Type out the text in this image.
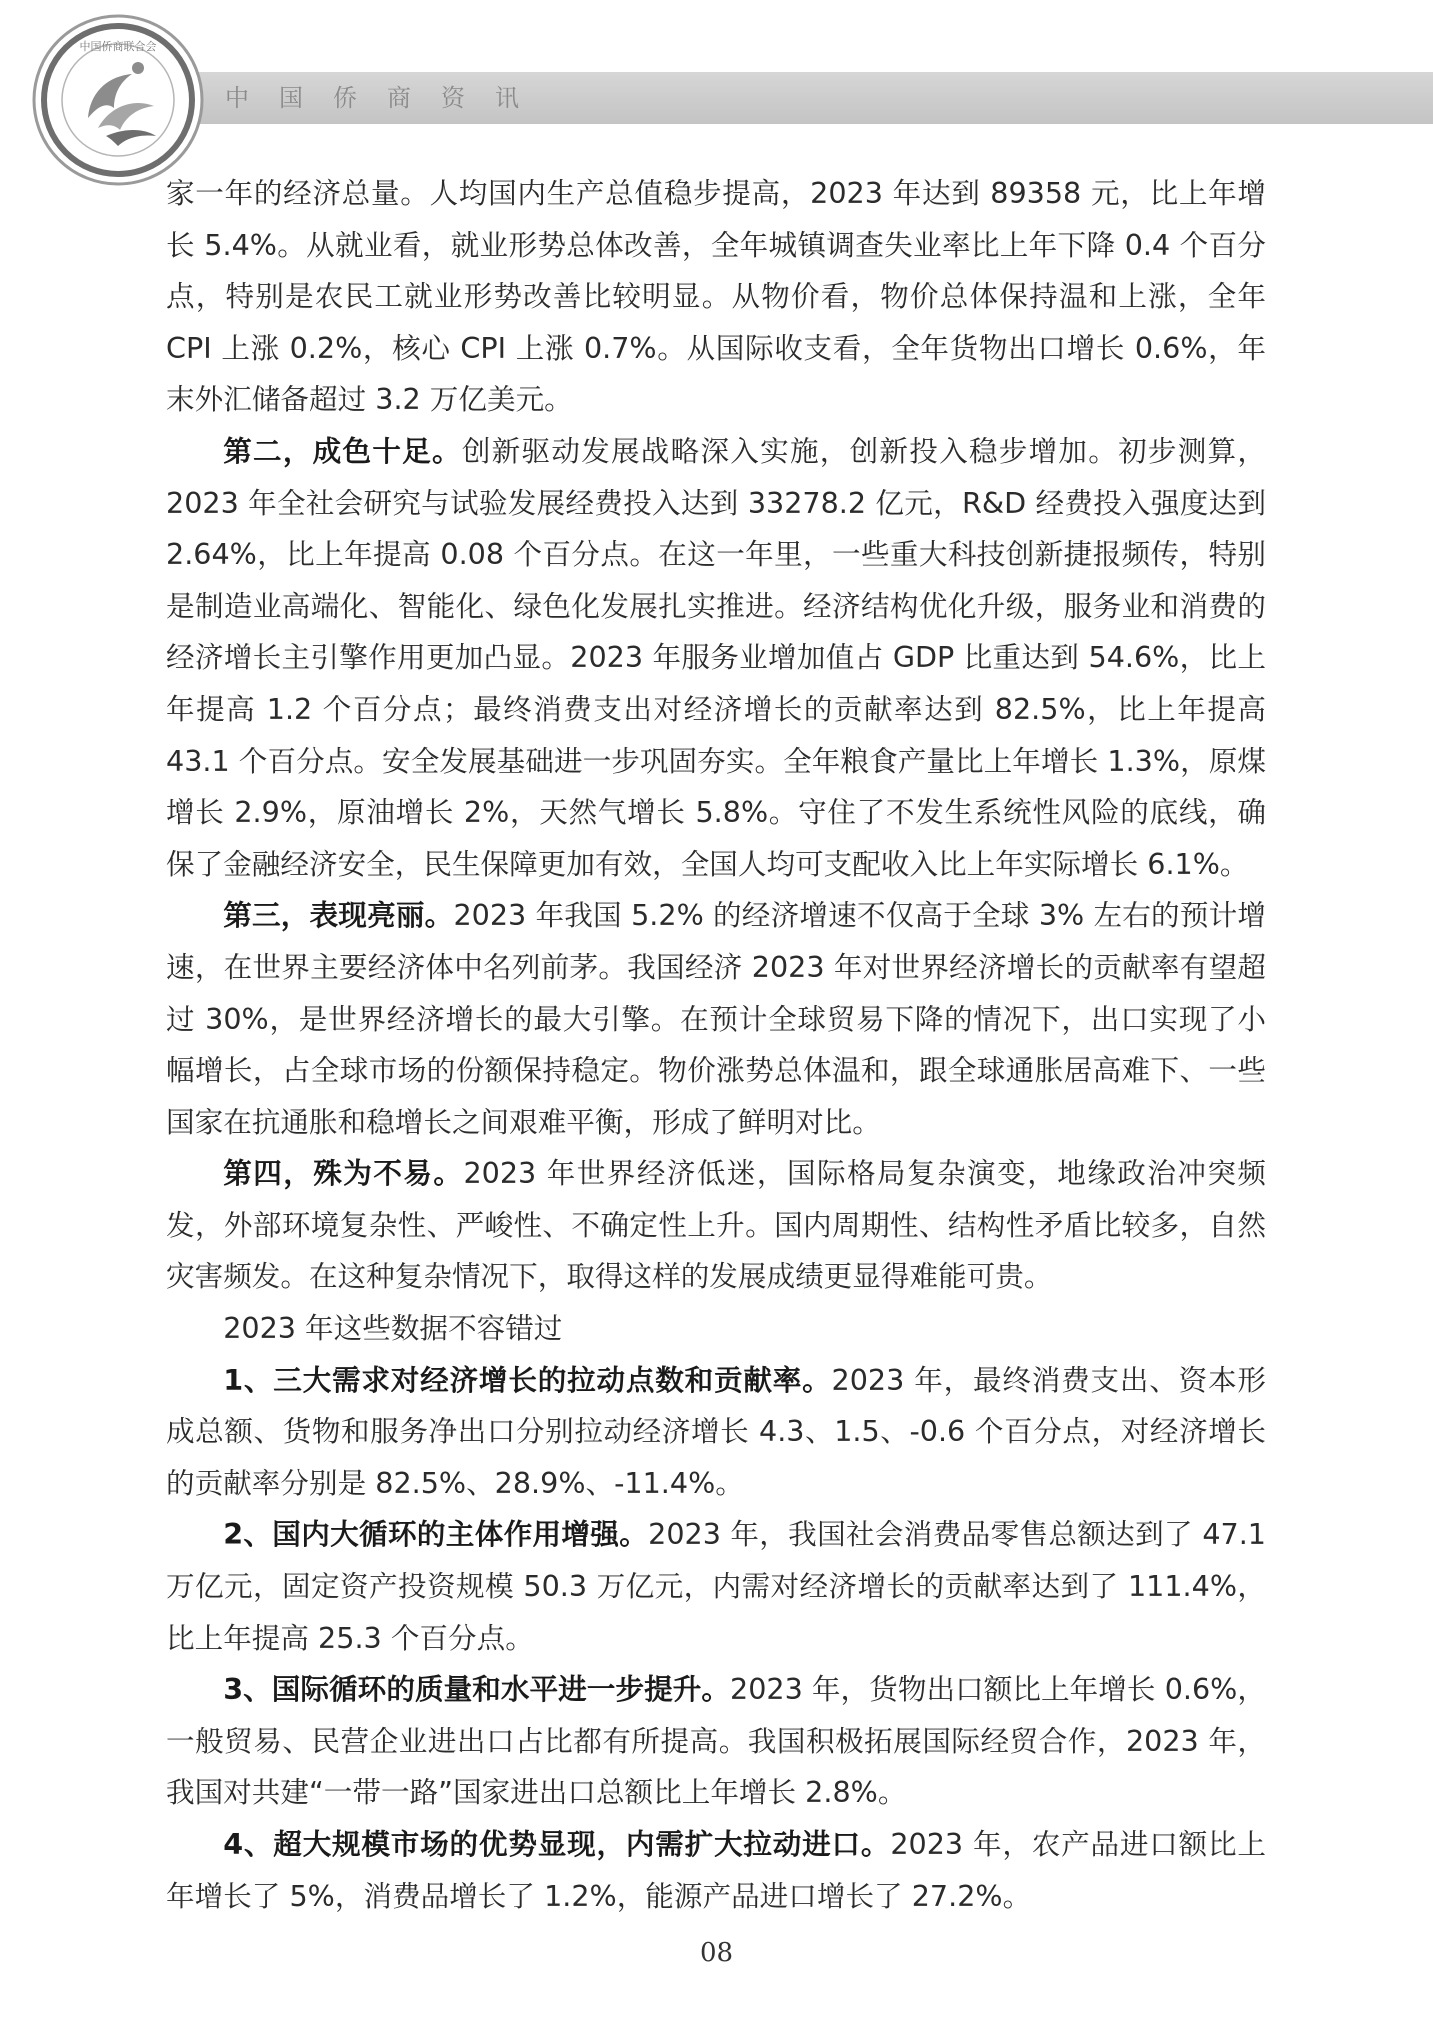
中国侨商联合会
中国侨商资讯

家一年的经济总量。人均国内生产总值稳步提高，2023 年达到 89358 元，比上年增长 5.4%。从就业看，就业形势总体改善，全年城镇调查失业率比上年下降 0.4 个百分点，特别是农民工就业形势改善比较明显。从物价看，物价总体保持温和上涨，全年 CPI 上涨 0.2%，核心 CPI 上涨 0.7%。从国际收支看，全年货物出口增长 0.6%，年末外汇储备超过 3.2 万亿美元。

第二，成色十足。创新驱动发展战略深入实施，创新投入稳步增加。初步测算，2023 年全社会研究与试验发展经费投入达到 33278.2 亿元，R&D 经费投入强度达到 2.64%，比上年提高 0.08 个百分点。在这一年里，一些重大科技创新捷报频传，特别是制造业高端化、智能化、绿色化发展扎实推进。经济结构优化升级，服务业和消费的经济增长主引擎作用更加凸显。2023 年服务业增加值占 GDP 比重达到 54.6%，比上年提高 1.2 个百分点；最终消费支出对经济增长的贡献率达到 82.5%，比上年提高 43.1 个百分点。安全发展基础进一步巩固夯实。全年粮食产量比上年增长 1.3%，原煤增长 2.9%，原油增长 2%，天然气增长 5.8%。守住了不发生系统性风险的底线，确保了金融经济安全，民生保障更加有效，全国人均可支配收入比上年实际增长 6.1%。

第三，表现亮丽。2023 年我国 5.2% 的经济增速不仅高于全球 3% 左右的预计增速，在世界主要经济体中名列前茅。我国经济 2023 年对世界经济增长的贡献率有望超过 30%，是世界经济增长的最大引擎。在预计全球贸易下降的情况下，出口实现了小幅增长，占全球市场的份额保持稳定。物价涨势总体温和，跟全球通胀居高难下、一些国家在抗通胀和稳增长之间艰难平衡，形成了鲜明对比。

第四，殊为不易。2023 年世界经济低迷，国际格局复杂演变，地缘政治冲突频发，外部环境复杂性、严峻性、不确定性上升。国内周期性、结构性矛盾比较多，自然灾害频发。在这种复杂情况下，取得这样的发展成绩更显得难能可贵。

2023 年这些数据不容错过

1、三大需求对经济增长的拉动点数和贡献率。2023 年，最终消费支出、资本形成总额、货物和服务净出口分别拉动经济增长 4.3、1.5、-0.6 个百分点，对经济增长的贡献率分别是 82.5%、28.9%、-11.4%。

2、国内大循环的主体作用增强。2023 年，我国社会消费品零售总额达到了 47.1 万亿元，固定资产投资规模 50.3 万亿元，内需对经济增长的贡献率达到了 111.4%，比上年提高 25.3 个百分点。

3、国际循环的质量和水平进一步提升。2023 年，货物出口额比上年增长 0.6%，一般贸易、民营企业进出口占比都有所提高。我国积极拓展国际经贸合作，2023 年，我国对共建“一带一路”国家进出口总额比上年增长 2.8%。

4、超大规模市场的优势显现，内需扩大拉动进口。2023 年，农产品进口额比上年增长了 5%，消费品增长了 1.2%，能源产品进口增长了 27.2%。

08
